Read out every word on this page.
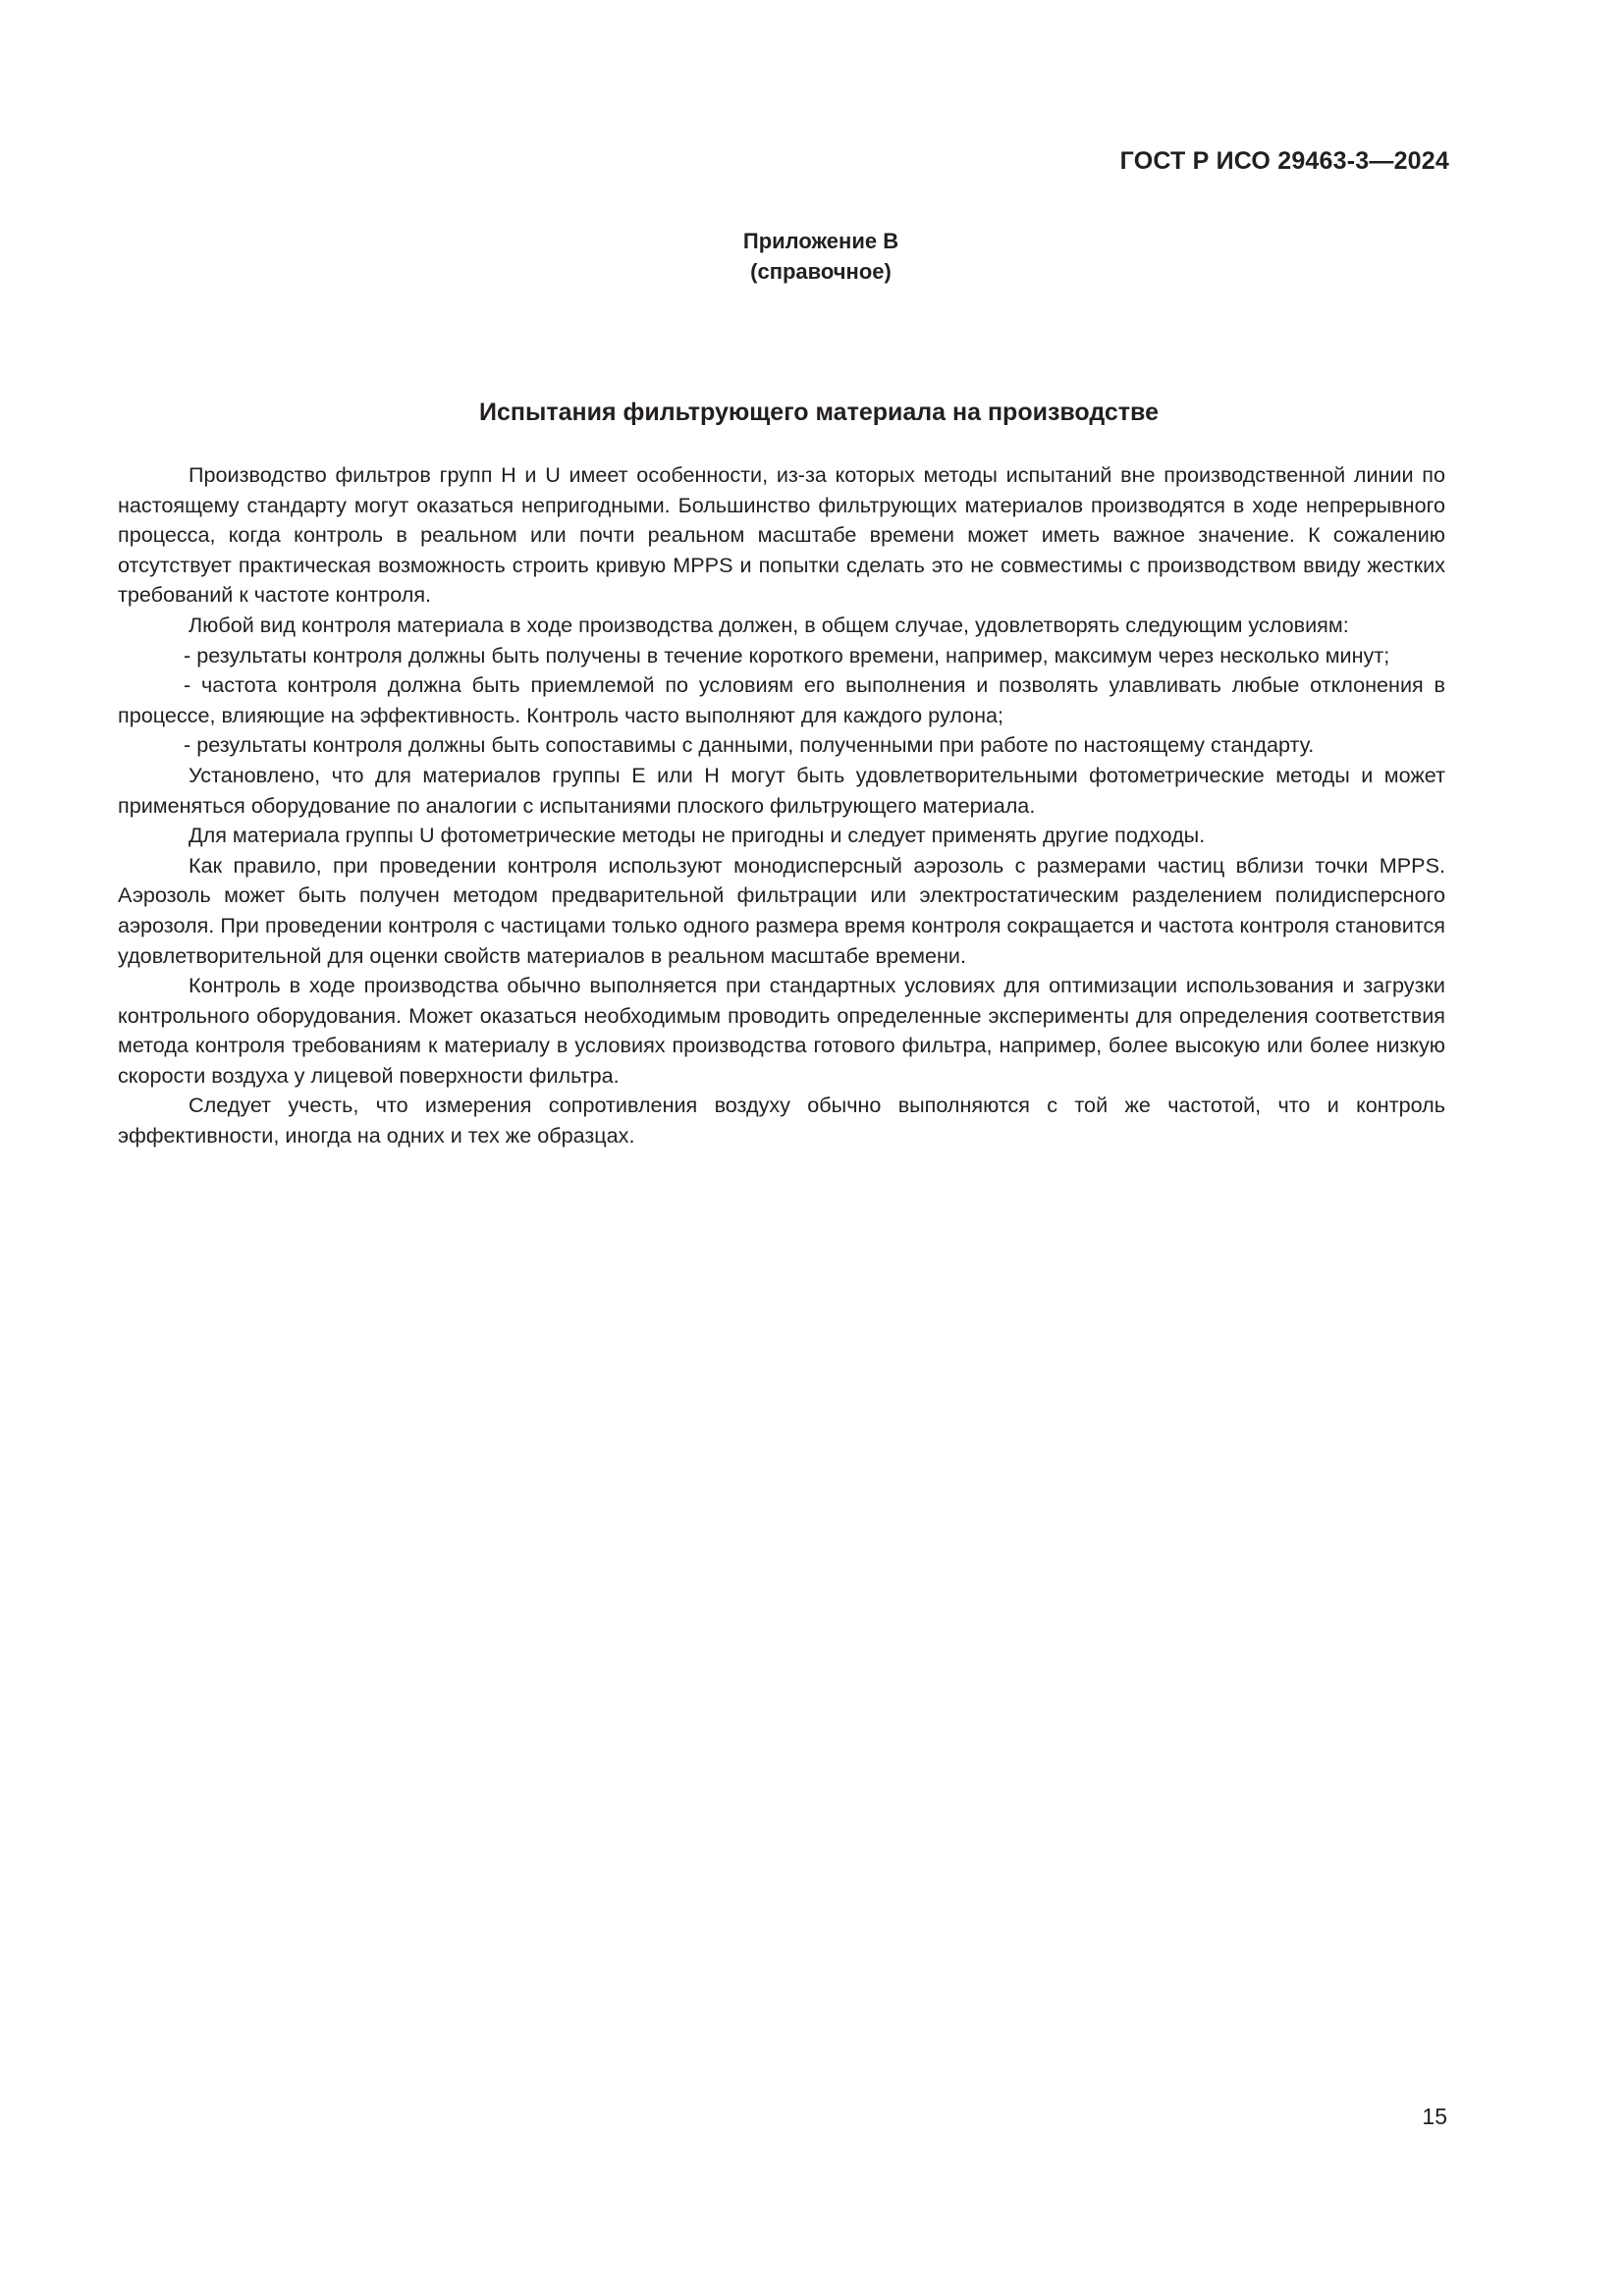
ГОСТ Р ИСО 29463-3—2024
Приложение В
(справочное)
Испытания фильтрующего материала на производстве

Производство фильтров групп H и U имеет особенности, из-за которых методы испытаний вне производственной линии по настоящему стандарту могут оказаться непригодными. Большинство фильтрующих материалов производятся в ходе непрерывного процесса, когда контроль в реальном или почти реальном масштабе времени может иметь важное значение. К сожалению отсутствует практическая возможность строить кривую MPPS и попытки сделать это не совместимы с производством ввиду жестких требований к частоте контроля.

Любой вид контроля материала в ходе производства должен, в общем случае, удовлетворять следующим условиям:

- результаты контроля должны быть получены в течение короткого времени, например, максимум через несколько минут;

- частота контроля должна быть приемлемой по условиям его выполнения и позволять улавливать любые отклонения в процессе, влияющие на эффективность. Контроль часто выполняют для каждого рулона;

- результаты контроля должны быть сопоставимы с данными, полученными при работе по настоящему стандарту.

Установлено, что для материалов группы E или H могут быть удовлетворительными фотометрические методы и может применяться оборудование по аналогии с испытаниями плоского фильтрующего материала.

Для материала группы U фотометрические методы не пригодны и следует применять другие подходы.

Как правило, при проведении контроля используют монодисперсный аэрозоль с размерами частиц вблизи точки MPPS. Аэрозоль может быть получен методом предварительной фильтрации или электростатическим разделением полидисперсного аэрозоля. При проведении контроля с частицами только одного размера время контроля сокращается и частота контроля становится удовлетворительной для оценки свойств материалов в реальном масштабе времени.

Контроль в ходе производства обычно выполняется при стандартных условиях для оптимизации использования и загрузки контрольного оборудования. Может оказаться необходимым проводить определенные эксперименты для определения соответствия метода контроля требованиям к материалу в условиях производства готового фильтра, например, более высокую или более низкую скорости воздуха у лицевой поверхности фильтра.

Следует учесть, что измерения сопротивления воздуху обычно выполняются с той же частотой, что и контроль эффективности, иногда на одних и тех же образцах.

15
